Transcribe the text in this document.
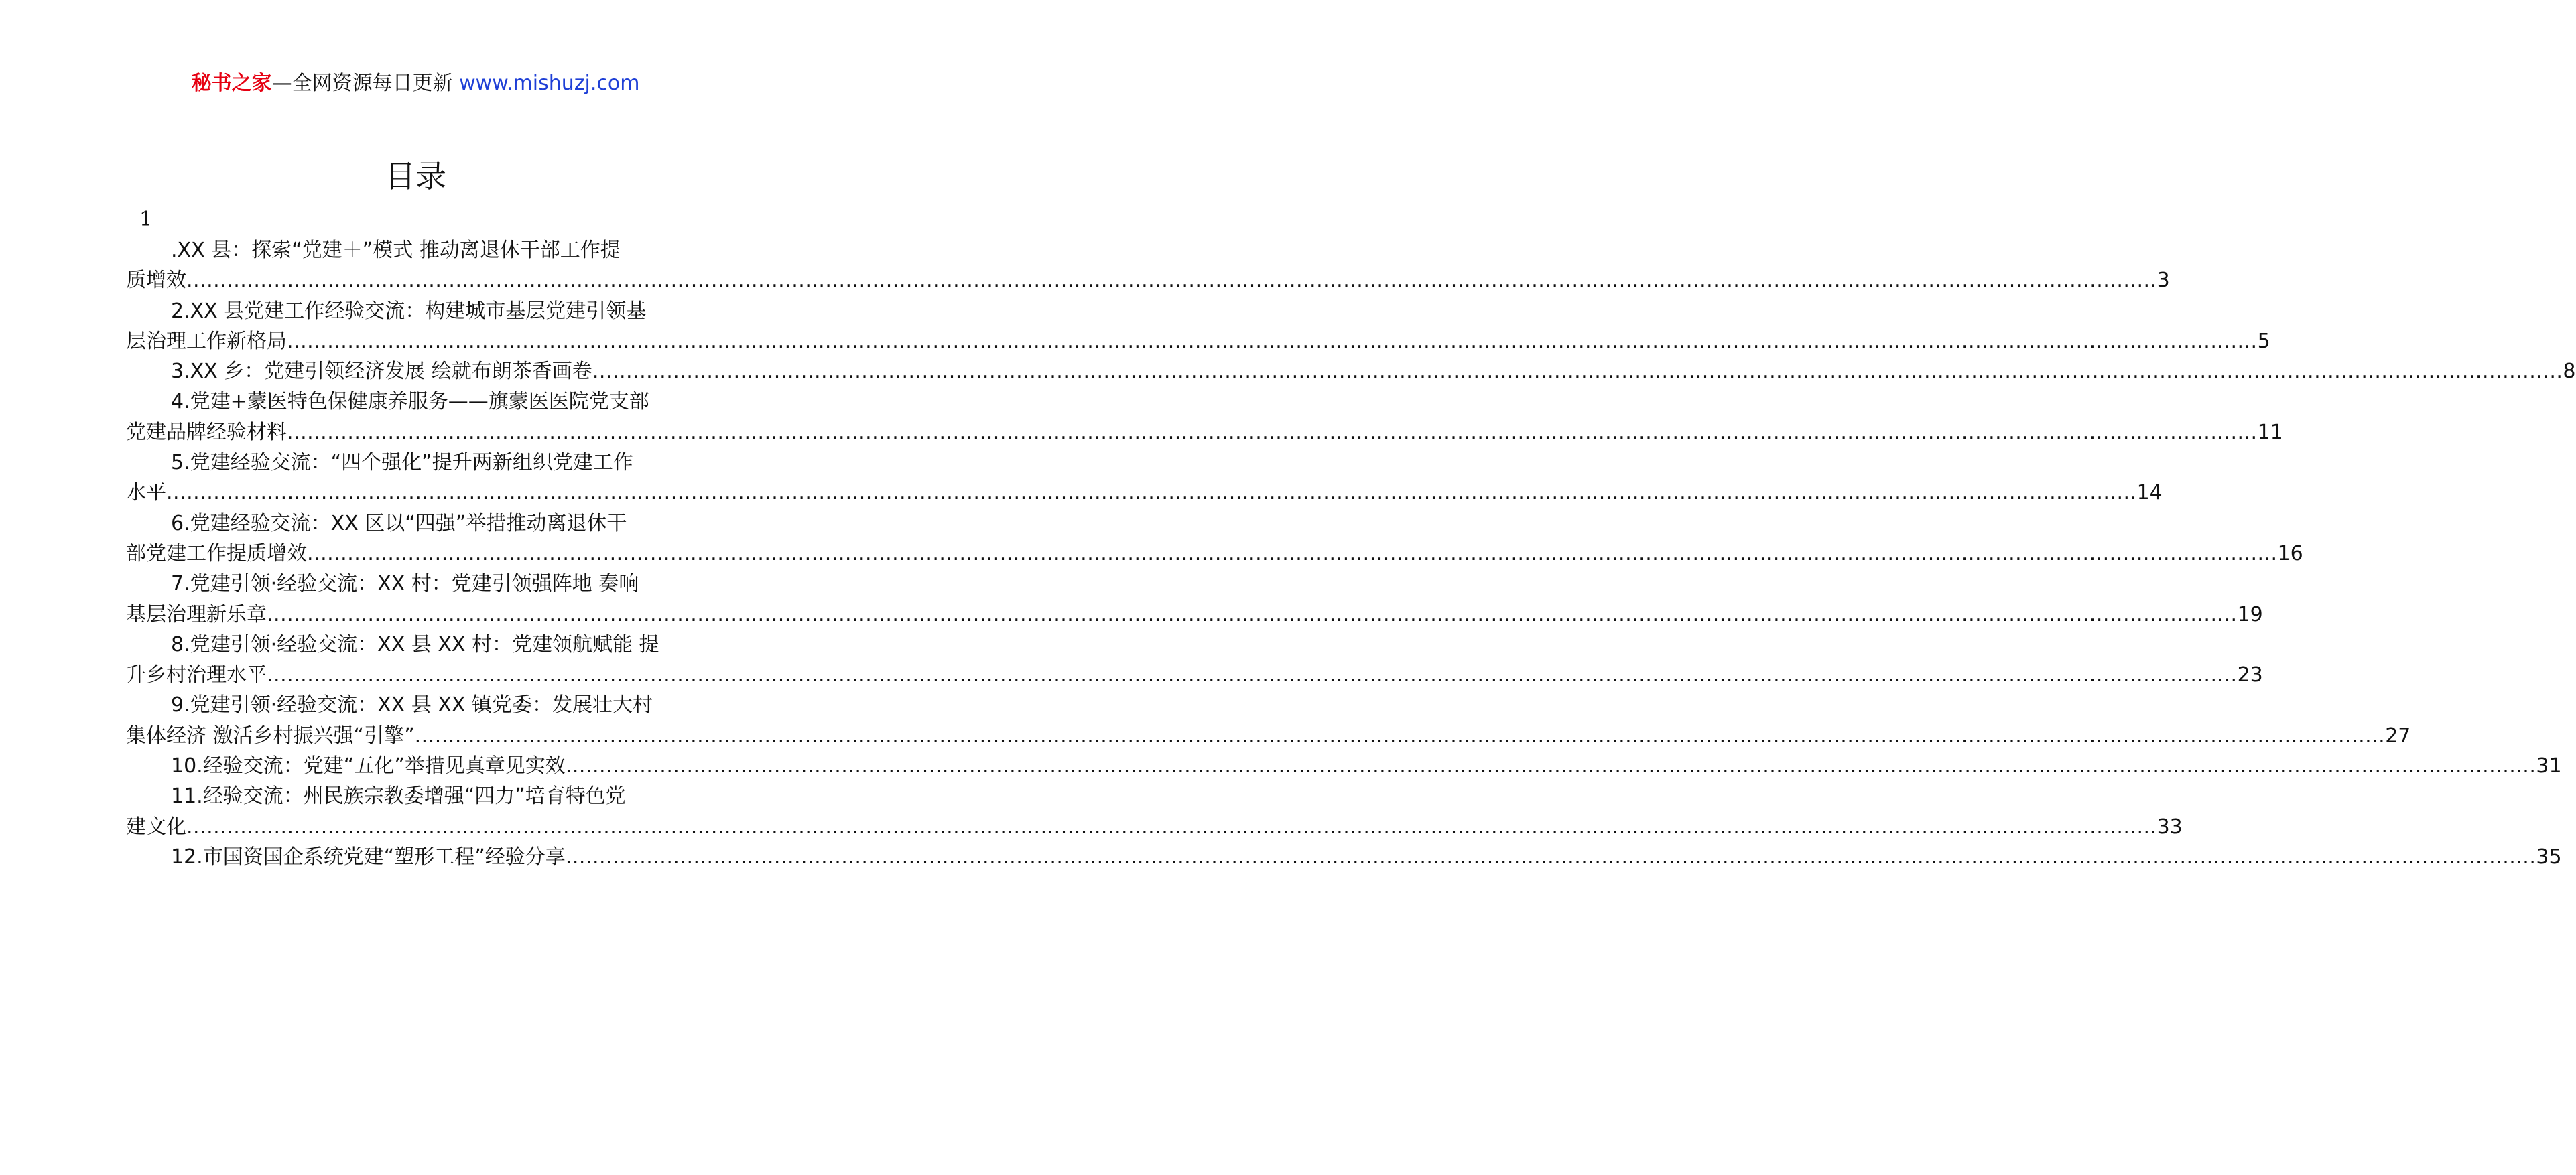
秘书之家—全网资源每日更新 www.mishuzj.com
目录
1
.XX 县：探索“党建＋”模式 推动离退休干部工作提
质增效 .....	3
2.XX 县党建工作经验交流：构建城市基层党建引领基
层治理工作新格局 .....	5
3.XX 乡：党建引领经济发展 绘就布朗茶香画卷 .....	8
4.党建+蒙医特色保健康养服务——旗蒙医医院党支部
党建品牌经验材料 .....	11
5.党建经验交流：“四个强化”提升两新组织党建工作
水平 .....	14
6.党建经验交流：XX 区以“四强”举措推动离退休干
部党建工作提质增效 .....	16
7.党建引领·经验交流：XX 村：党建引领强阵地 奏响
基层治理新乐章 .....	19
8.党建引领·经验交流：XX 县 XX 村：党建领航赋能 提
升乡村治理水平 .....	23
9.党建引领·经验交流：XX 县 XX 镇党委：发展壮大村
集体经济 激活乡村振兴强“引擎” .....	27
10.经验交流：党建“五化”举措见真章见实效 .....	31
11.经验交流：州民族宗教委增强“四力”培育特色党
建文化 .....	33
12.市国资国企系统党建“塑形工程”经验分享 .....	35
